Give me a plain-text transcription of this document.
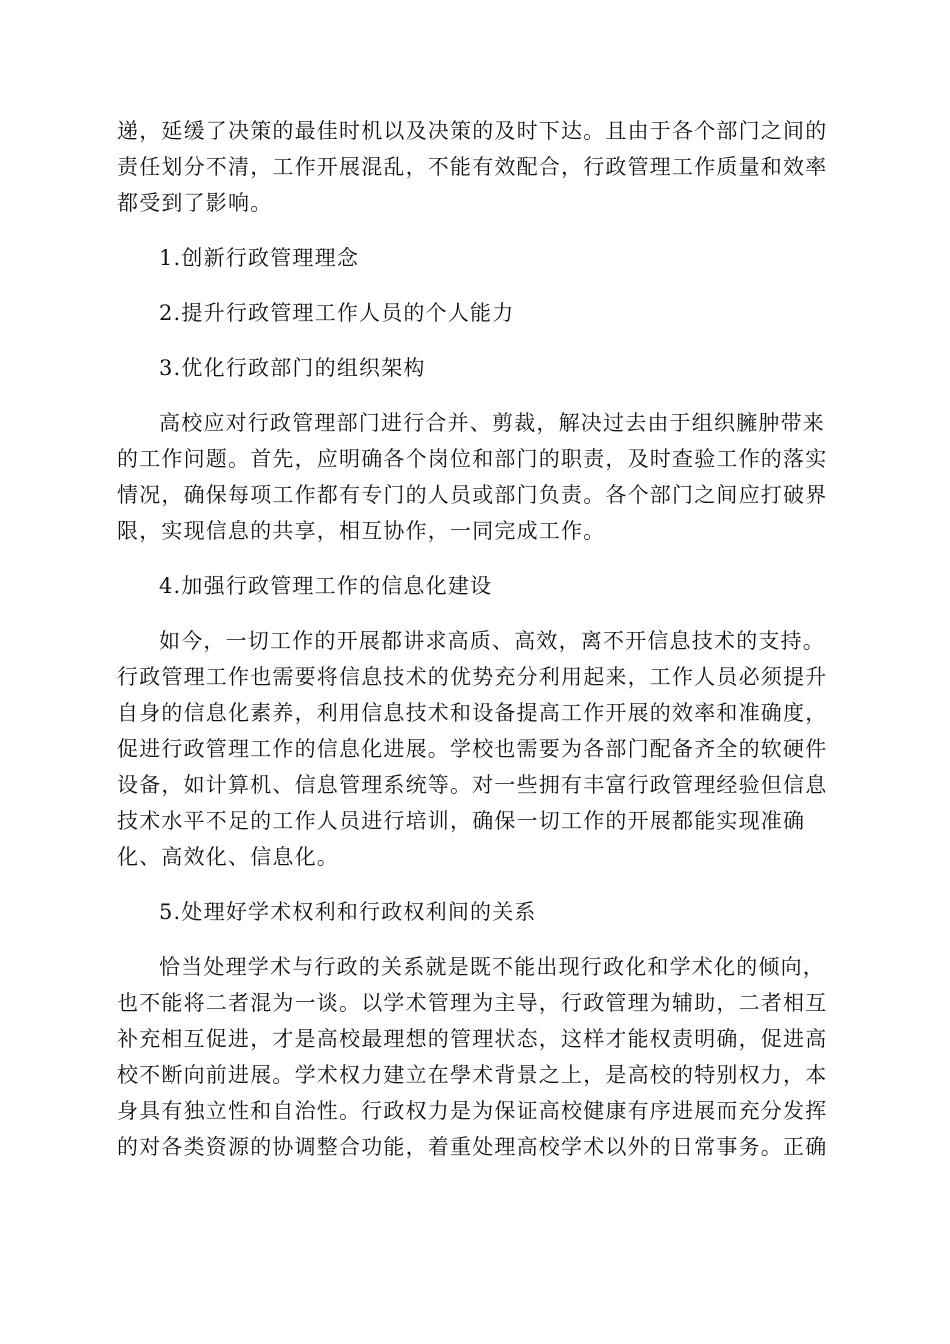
递，延缓了决策的最佳时机以及决策的及时下达。且由于各个部门之间的责任划分不清，工作开展混乱，不能有效配合，行政管理工作质量和效率都受到了影响。

1.创新行政管理理念

2.提升行政管理工作人员的个人能力

3.优化行政部门的组织架构

高校应对行政管理部门进行合并、剪裁，解决过去由于组织臃肿带来的工作问题。首先，应明确各个岗位和部门的职责，及时查验工作的落实情况，确保每项工作都有专门的人员或部门负责。各个部门之间应打破界限，实现信息的共享，相互协作，一同完成工作。

4.加强行政管理工作的信息化建设

如今，一切工作的开展都讲求高质、高效，离不开信息技术的支持。行政管理工作也需要将信息技术的优势充分利用起来，工作人员必须提升自身的信息化素养，利用信息技术和设备提高工作开展的效率和准确度，促进行政管理工作的信息化进展。学校也需要为各部门配备齐全的软硬件设备，如计算机、信息管理系统等。对一些拥有丰富行政管理经验但信息技术水平不足的工作人员进行培训，确保一切工作的开展都能实现准确化、高效化、信息化。

5.处理好学术权利和行政权利间的关系

恰当处理学术与行政的关系就是既不能出现行政化和学术化的倾向，也不能将二者混为一谈。以学术管理为主导，行政管理为辅助，二者相互补充相互促进，才是高校最理想的管理状态，这样才能权责明确，促进高校不断向前进展。学术权力建立在學术背景之上，是高校的特别权力，本身具有独立性和自治性。行政权力是为保证高校健康有序进展而充分发挥的对各类资源的协调整合功能，着重处理高校学术以外的日常事务。正确
